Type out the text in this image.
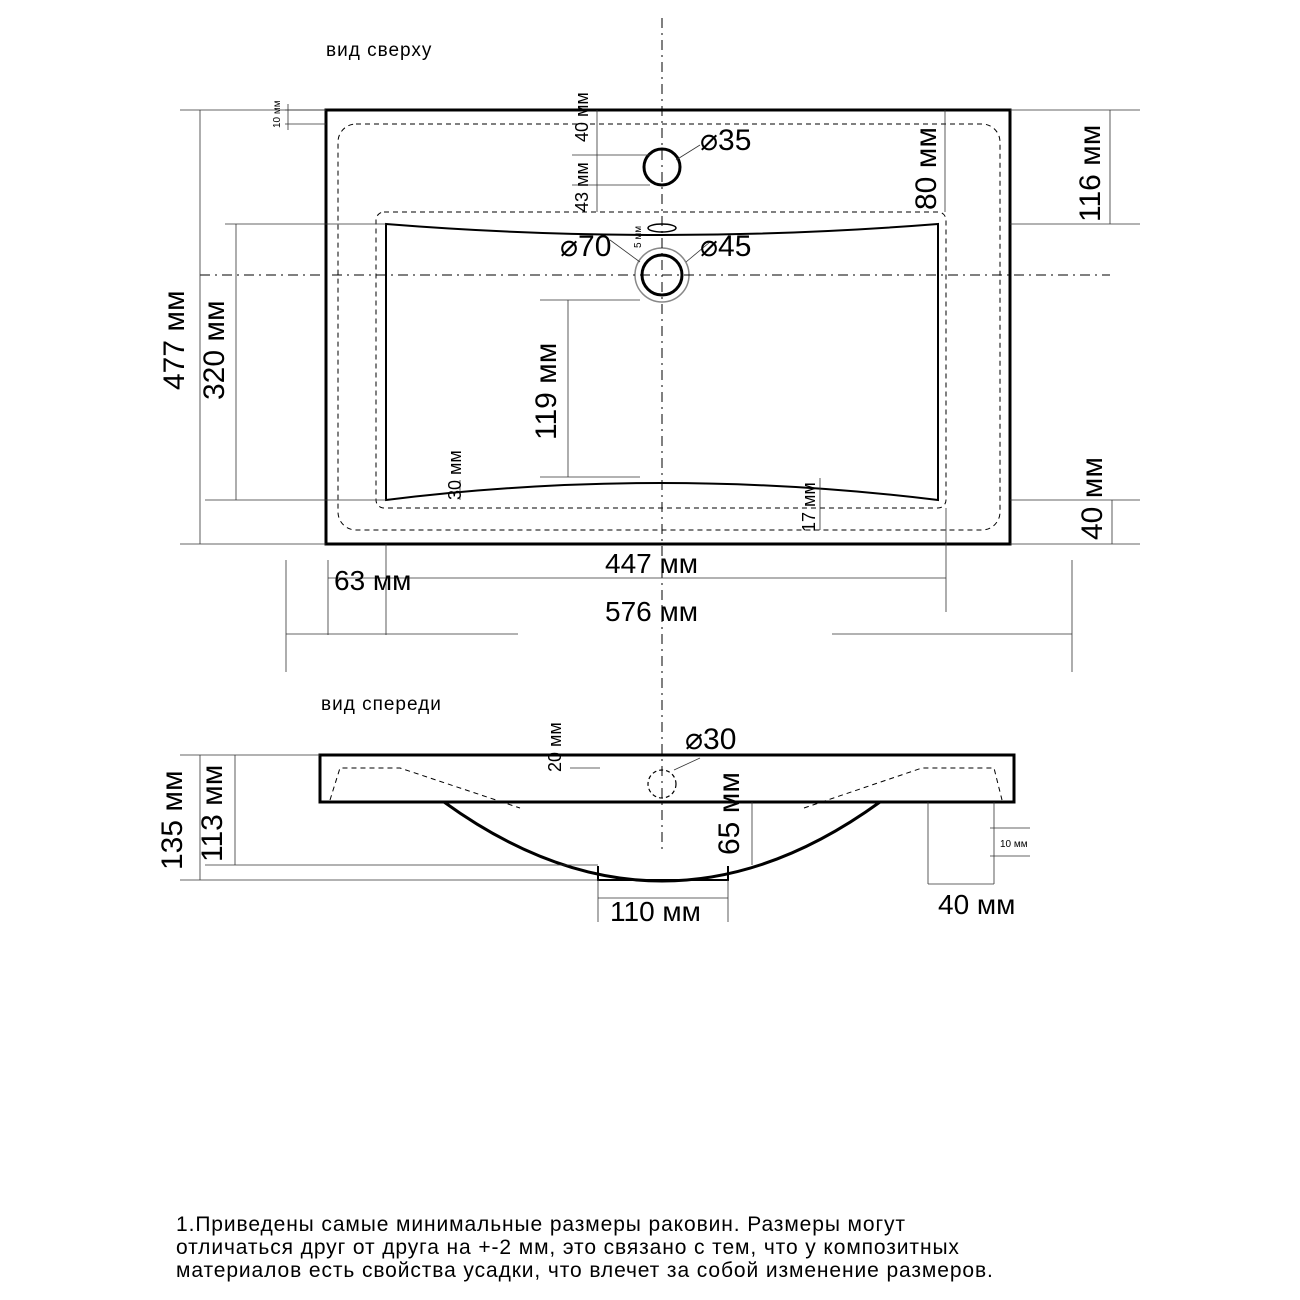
вид сверху
вид спереди
10 мм	40 мм
43 мм
⌀35	80 мм	116 мм
5 мм
⌀70	⌀45
477 мм 320 мм	119 мм
30 мм
17 мм	40 мм
447 мм
63 мм
576 мм
20 мм	⌀30
135 мм 113 мм	65 мм	10 мм
110 мм	40 мм
1.Приведены самые минимальные размеры раковин. Размеры могут
отличаться друг от друга на +-2 мм, это связано с тем, что у композитных
материалов есть свойства усадки, что влечет за собой изменение размеров.
